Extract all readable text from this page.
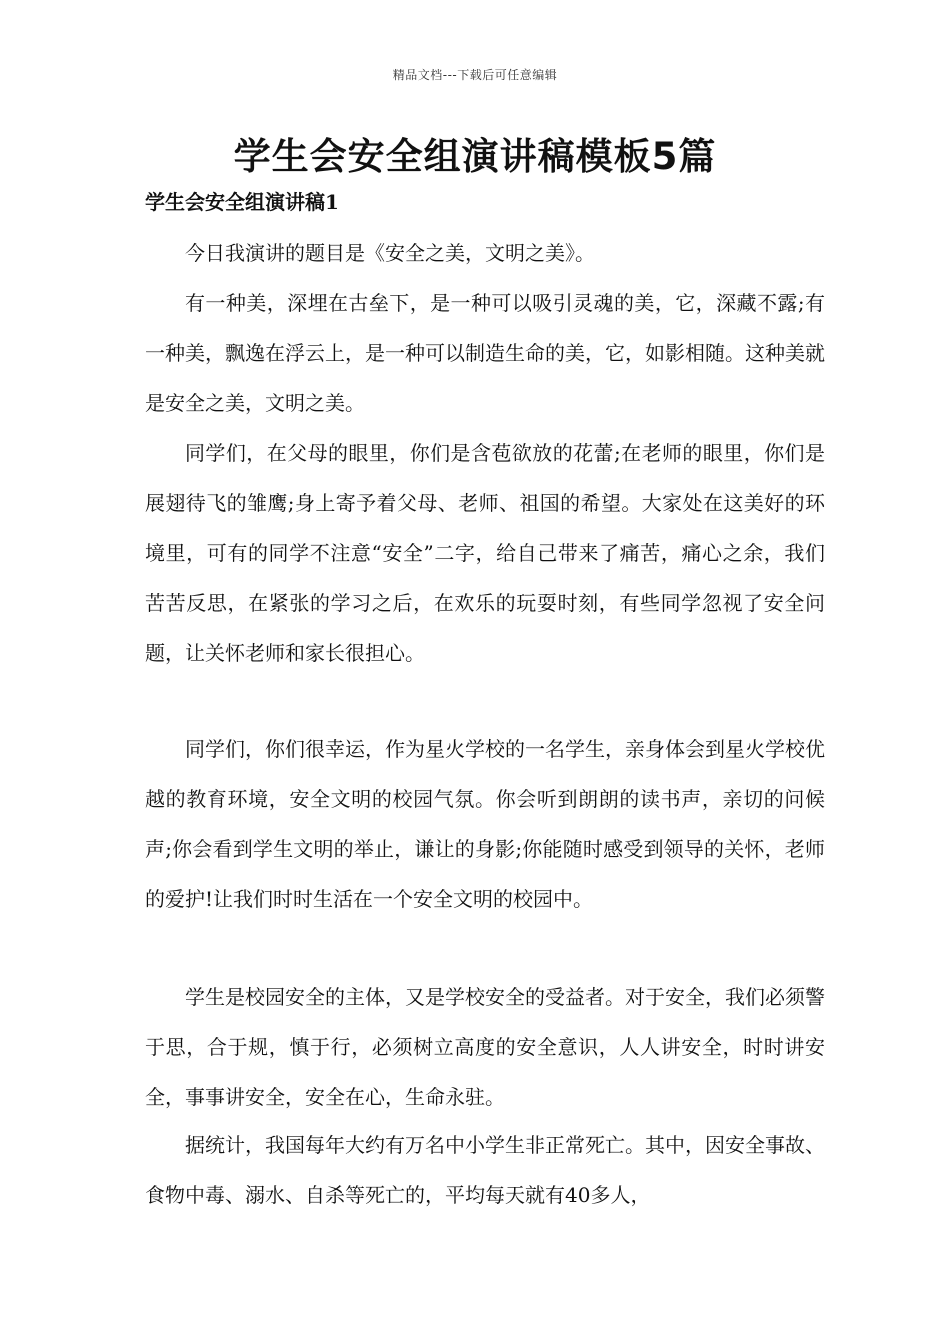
精品文档---下载后可任意编辑
学生会安全组演讲稿模板5篇
学生会安全组演讲稿1

今日我演讲的题目是《安全之美，文明之美》。

有一种美，深埋在古垒下，是一种可以吸引灵魂的美，它，深藏不露;有一种美，飘逸在浮云上，是一种可以制造生命的美，它，如影相随。这种美就是安全之美，文明之美。

同学们，在父母的眼里，你们是含苞欲放的花蕾;在老师的眼里，你们是展翅待飞的雏鹰;身上寄予着父母、老师、祖国的希望。大家处在这美好的环境里，可有的同学不注意“安全”二字，给自己带来了痛苦，痛心之余，我们苦苦反思，在紧张的学习之后，在欢乐的玩耍时刻，有些同学忽视了安全问题，让关怀老师和家长很担心。

同学们，你们很幸运，作为星火学校的一名学生，亲身体会到星火学校优越的教育环境，安全文明的校园气氛。你会听到朗朗的读书声，亲切的问候声;你会看到学生文明的举止，谦让的身影;你能随时感受到领导的关怀，老师的爱护!让我们时时生活在一个安全文明的校园中。

学生是校园安全的主体，又是学校安全的受益者。对于安全，我们必须警于思，合于规，慎于行，必须树立高度的安全意识，人人讲安全，时时讲安全，事事讲安全，安全在心，生命永驻。

据统计，我国每年大约有万名中小学生非正常死亡。其中，因安全事故、食物中毒、溺水、自杀等死亡的，平均每天就有40多人，
